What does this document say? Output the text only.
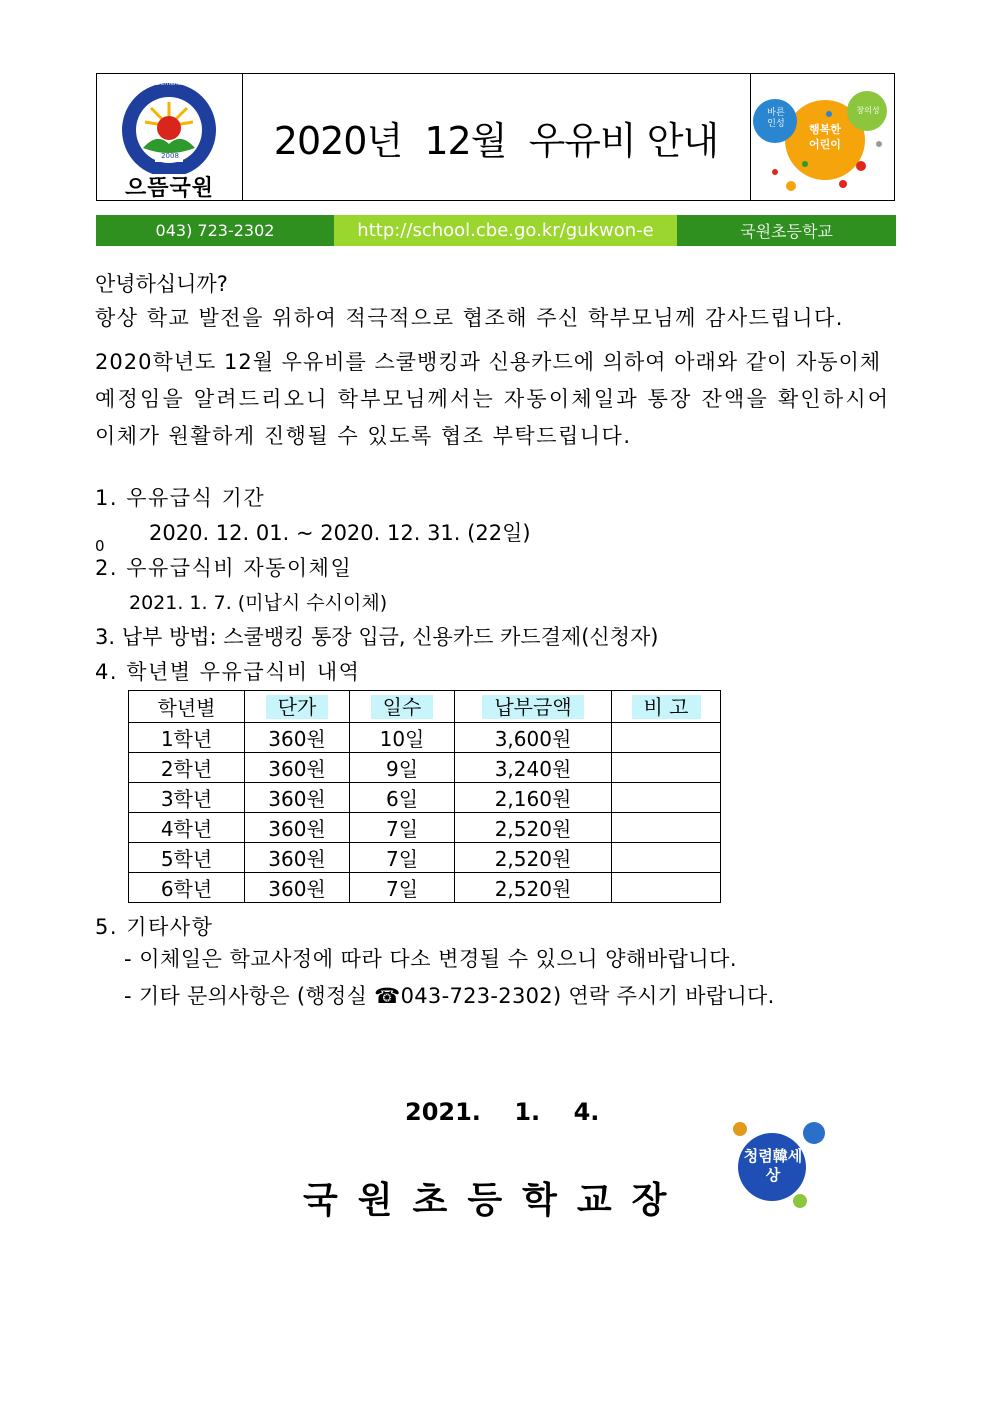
으뜸국원
Guk Won Elementary School
2008	2020년  12월  우유비 안내
바른
인성
창의성
행복한
어린이
043) 723-2302	http://school.cbe.go.kr/gukwon-e	국원초등학교
안녕하십니까?
항상 학교 발전을 위하여 적극적으로 협조해 주신 학부모님께 감사드립니다.
2020학년도 12월 우유비를 스쿨뱅킹과 신용카드에 의하여 아래와 같이 자동이체
예정임을 알려드리오니 학부모님께서는 자동이체일과 통장 잔액을 확인하시어
이체가 원활하게 진행될 수 있도록 협조 부탁드립니다.
1. 우유급식 기간
2020. 12. 01. ~ 2020. 12. 31. (22일)
0
2. 우유급식비 자동이체일
2021. 1. 7. (미납시 수시이체)
3. 납부 방법: 스쿨뱅킹 통장 입금, 신용카드 카드결제(신청자)
4. 학년별 우유급식비 내역
학년별	단가	일수	납부금액	비 고
1학년	360원	10일	3,600원	
2학년	360원	9일	3,240원	
3학년	360원	6일	2,160원	
4학년	360원	7일	2,520원	
5학년	360원	7일	2,520원	
6학년	360원	7일	2,520원	
5. 기타사항
- 이체일은 학교사정에 따라 다소 변경될 수 있으니 양해바랍니다.
- 기타 문의사항은 (행정실 ☎043-723-2302) 연락 주시기 바랍니다.
2021.    1.    4.
국원초등학교장
청렴韓세상
